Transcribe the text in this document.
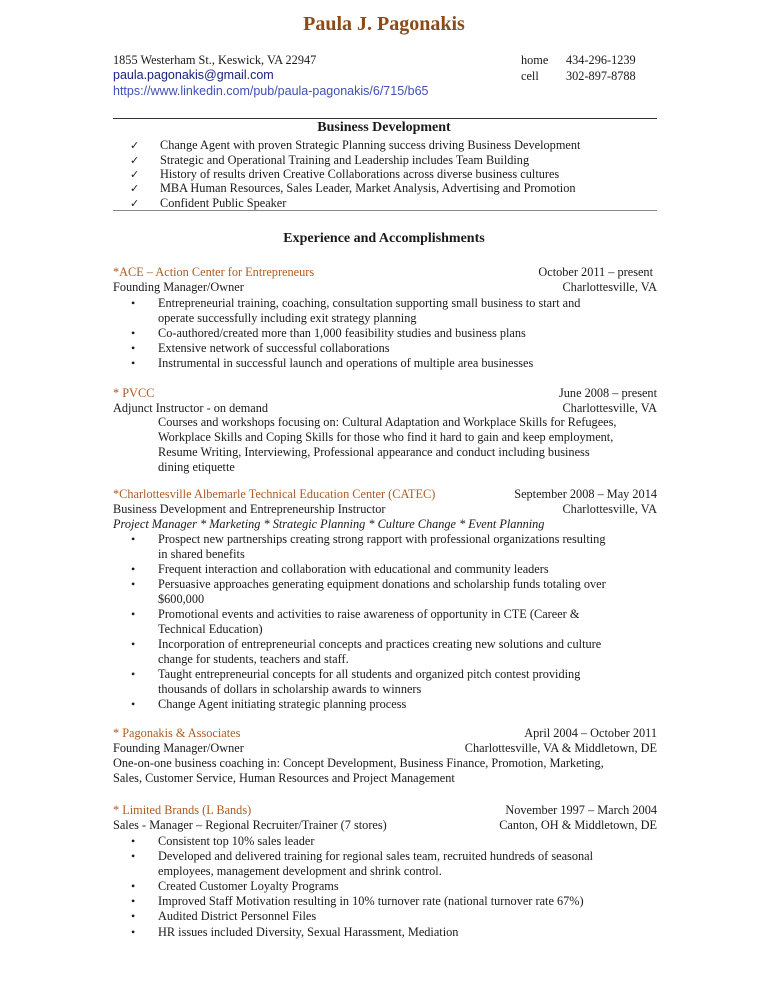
Paula J. Pagonakis
1855 Westerham St., Keswick, VA 22947
paula.pagonakis@gmail.com
https://www.linkedin.com/pub/paula-pagonakis/6/715/b65
home 434-296-1239
cell 302-897-8788
Business Development
✓ Change Agent with proven Strategic Planning success driving Business Development
✓ Strategic and Operational Training and Leadership includes Team Building
✓ History of results driven Creative Collaborations across diverse business cultures
✓ MBA Human Resources, Sales Leader, Market Analysis, Advertising and Promotion
✓ Confident Public Speaker
Experience and Accomplishments
*ACE – Action Center for Entrepreneurs	October 2011 – present
Founding Manager/Owner	Charlottesville, VA
• Entrepreneurial training, coaching, consultation supporting small business to start and
operate successfully including exit strategy planning
• Co-authored/created more than 1,000 feasibility studies and business plans
• Extensive network of successful collaborations
• Instrumental in successful launch and operations of multiple area businesses
* PVCC	June 2008 – present
Adjunct Instructor - on demand	Charlottesville, VA
Courses and workshops focusing on: Cultural Adaptation and Workplace Skills for Refugees,
Workplace Skills and Coping Skills for those who find it hard to gain and keep employment,
Resume Writing, Interviewing, Professional appearance and conduct including business
dining etiquette
*Charlottesville Albemarle Technical Education Center (CATEC)	September 2008 – May 2014
Business Development and Entrepreneurship Instructor	Charlottesville, VA
Project Manager * Marketing * Strategic Planning * Culture Change * Event Planning
• Prospect new partnerships creating strong rapport with professional organizations resulting
in shared benefits
• Frequent interaction and collaboration with educational and community leaders
• Persuasive approaches generating equipment donations and scholarship funds totaling over
$600,000
• Promotional events and activities to raise awareness of opportunity in CTE (Career &
Technical Education)
• Incorporation of entrepreneurial concepts and practices creating new solutions and culture
change for students, teachers and staff.
• Taught entrepreneurial concepts for all students and organized pitch contest providing
thousands of dollars in scholarship awards to winners
• Change Agent initiating strategic planning process
* Pagonakis & Associates	April 2004 – October 2011
Founding Manager/Owner	Charlottesville, VA & Middletown, DE
One-on-one business coaching in: Concept Development, Business Finance, Promotion, Marketing,
Sales, Customer Service, Human Resources and Project Management
* Limited Brands (L Bands)	November 1997 – March 2004
Sales - Manager – Regional Recruiter/Trainer (7 stores)	Canton, OH & Middletown, DE
• Consistent top 10% sales leader
• Developed and delivered training for regional sales team, recruited hundreds of seasonal
employees, management development and shrink control.
• Created Customer Loyalty Programs
• Improved Staff Motivation resulting in 10% turnover rate (national turnover rate 67%)
• Audited District Personnel Files
• HR issues included Diversity, Sexual Harassment, Mediation
